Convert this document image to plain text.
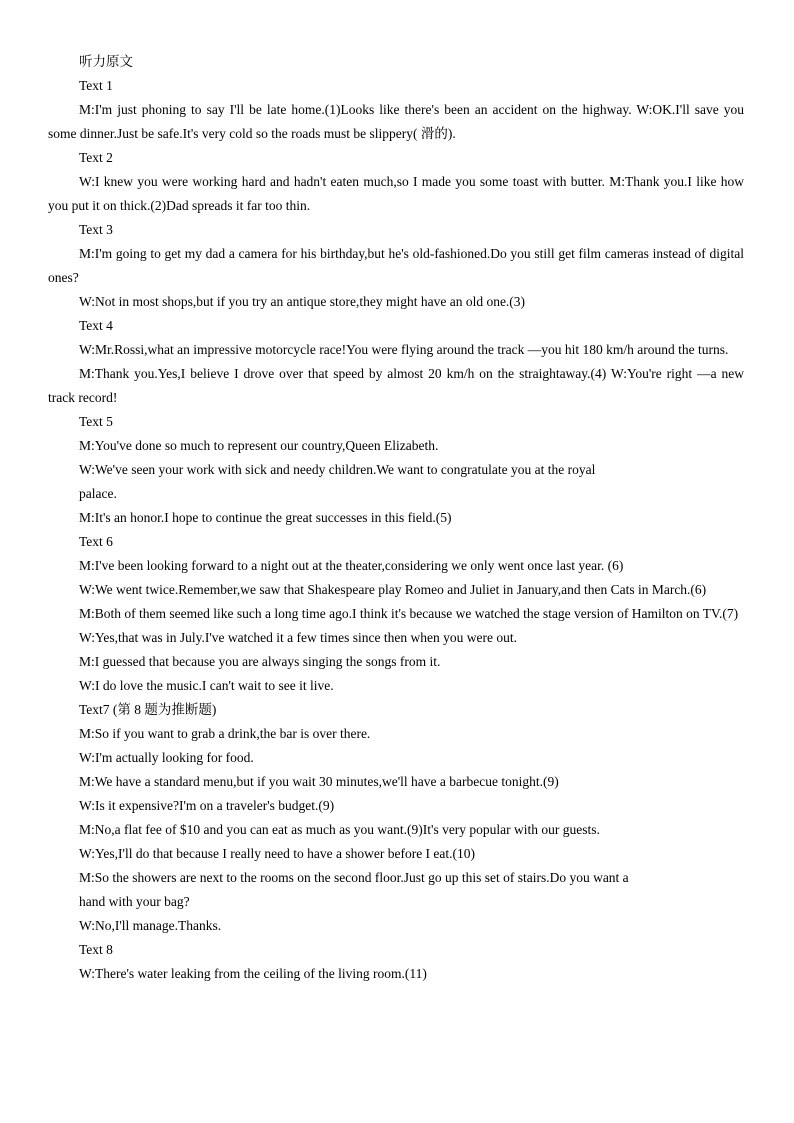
听力原文

Text 1

M:I'm just phoning to say I'll be late home.(1)Looks like there's been an accident on the highway. W:OK.I'll save you some dinner.Just be safe.It's very cold so the roads must be slippery( 滑的).

Text 2

W:I knew you were working hard and hadn't eaten much,so I made you some toast with butter. M:Thank you.I like how you put it on thick.(2)Dad spreads it far too thin.

Text 3

M:I'm going to get my dad a camera for his birthday,but he's old-fashioned.Do you still get film cameras instead of digital ones?

W:Not in most shops,but if you try an antique store,they might have an old one.(3)

Text 4

W:Mr.Rossi,what an impressive motorcycle race!You were flying around the track —you hit 180 km/h around the turns.

M:Thank you.Yes,I believe I drove over that speed by almost 20 km/h on the straightaway.(4) W:You're right —a new track record!

Text 5

M:You've done so much to represent our country,Queen Elizabeth.

W:We've seen your work with sick and needy children.We want to congratulate you at the royal

palace.

M:It's an honor.I hope to continue the great successes in this field.(5)

Text 6

M:I've been looking forward to a night out at the theater,considering we only went once last year. (6)

W:We went twice.Remember,we saw that Shakespeare play Romeo and Juliet in January,and then Cats in March.(6)

M:Both of them seemed like such a long time ago.I think it's because we watched the stage version of Hamilton on TV.(7)

W:Yes,that was in July.I've watched it a few times since then when you were out.

M:I guessed that because you are always singing the songs from it.

W:I do love the music.I can't wait to see it live.

Text7 (第 8 题为推断题)

M:So if you want to grab a drink,the bar is over there.

W:I'm actually looking for food.

M:We have a standard menu,but if you wait 30 minutes,we'll have a barbecue tonight.(9)

W:Is it expensive?I'm on a traveler's budget.(9)

M:No,a flat fee of $10 and you can eat as much as you want.(9)It's very popular with our guests.

W:Yes,I'll do that because I really need to have a shower before I eat.(10)

M:So the showers are next to the rooms on the second floor.Just go up this set of stairs.Do you want a

hand with your bag?

W:No,I'll manage.Thanks.

Text 8

W:There's water leaking from the ceiling of the living room.(11)
